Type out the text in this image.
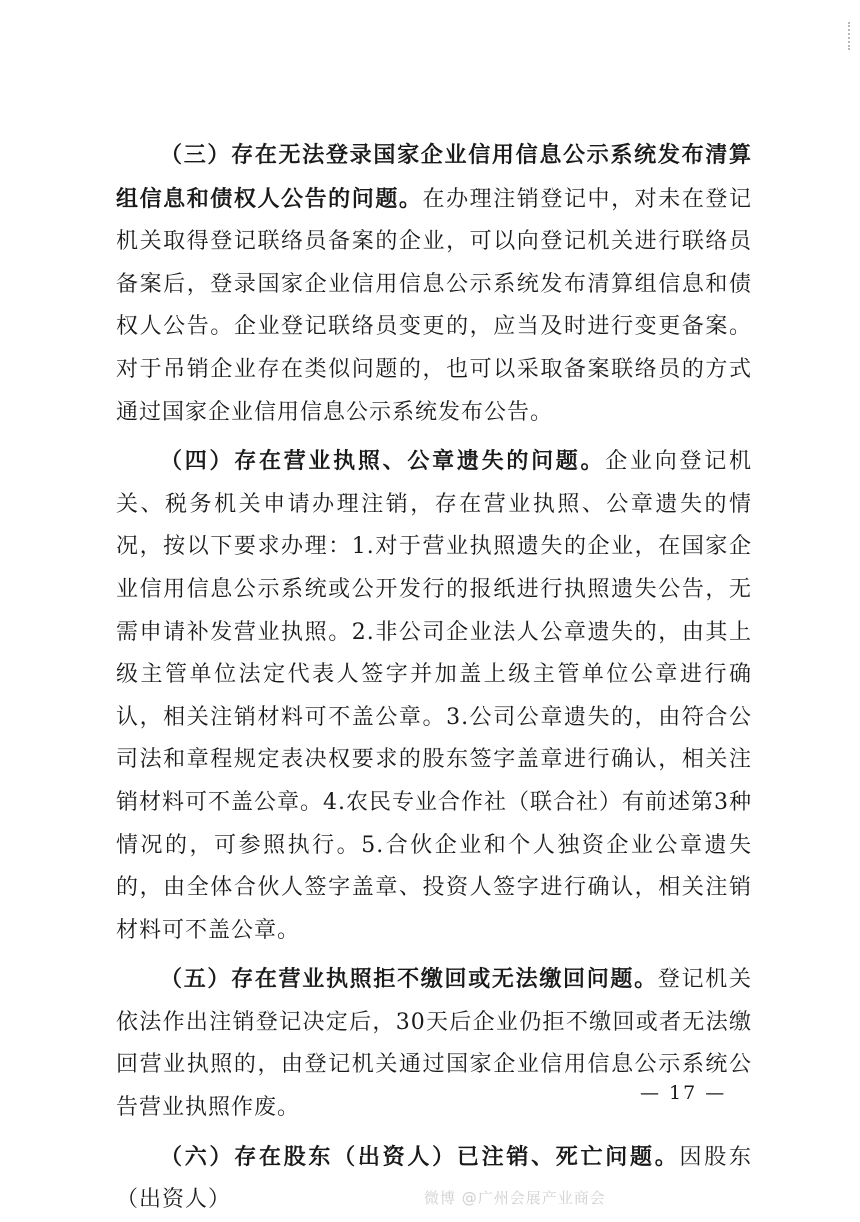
（三）存在无法登录国家企业信用信息公示系统发布清算组信息和债权人公告的问题。在办理注销登记中，对未在登记机关取得登记联络员备案的企业，可以向登记机关进行联络员备案后，登录国家企业信用信息公示系统发布清算组信息和债权人公告。企业登记联络员变更的，应当及时进行变更备案。对于吊销企业存在类似问题的，也可以采取备案联络员的方式通过国家企业信用信息公示系统发布公告。

（四）存在营业执照、公章遗失的问题。企业向登记机关、税务机关申请办理注销，存在营业执照、公章遗失的情况，按以下要求办理：1.对于营业执照遗失的企业，在国家企业信用信息公示系统或公开发行的报纸进行执照遗失公告，无需申请补发营业执照。2.非公司企业法人公章遗失的，由其上级主管单位法定代表人签字并加盖上级主管单位公章进行确认，相关注销材料可不盖公章。3.公司公章遗失的，由符合公司法和章程规定表决权要求的股东签字盖章进行确认，相关注销材料可不盖公章。4.农民专业合作社（联合社）有前述第3种情况的，可参照执行。5.合伙企业和个人独资企业公章遗失的，由全体合伙人签字盖章、投资人签字进行确认，相关注销材料可不盖公章。

（五）存在营业执照拒不缴回或无法缴回问题。登记机关依法作出注销登记决定后，30天后企业仍拒不缴回或者无法缴回营业执照的，由登记机关通过国家企业信用信息公示系统公告营业执照作废。

（六）存在股东（出资人）已注销、死亡问题。因股东（出资人）

— 17 —
微博 @广州会展产业商会
